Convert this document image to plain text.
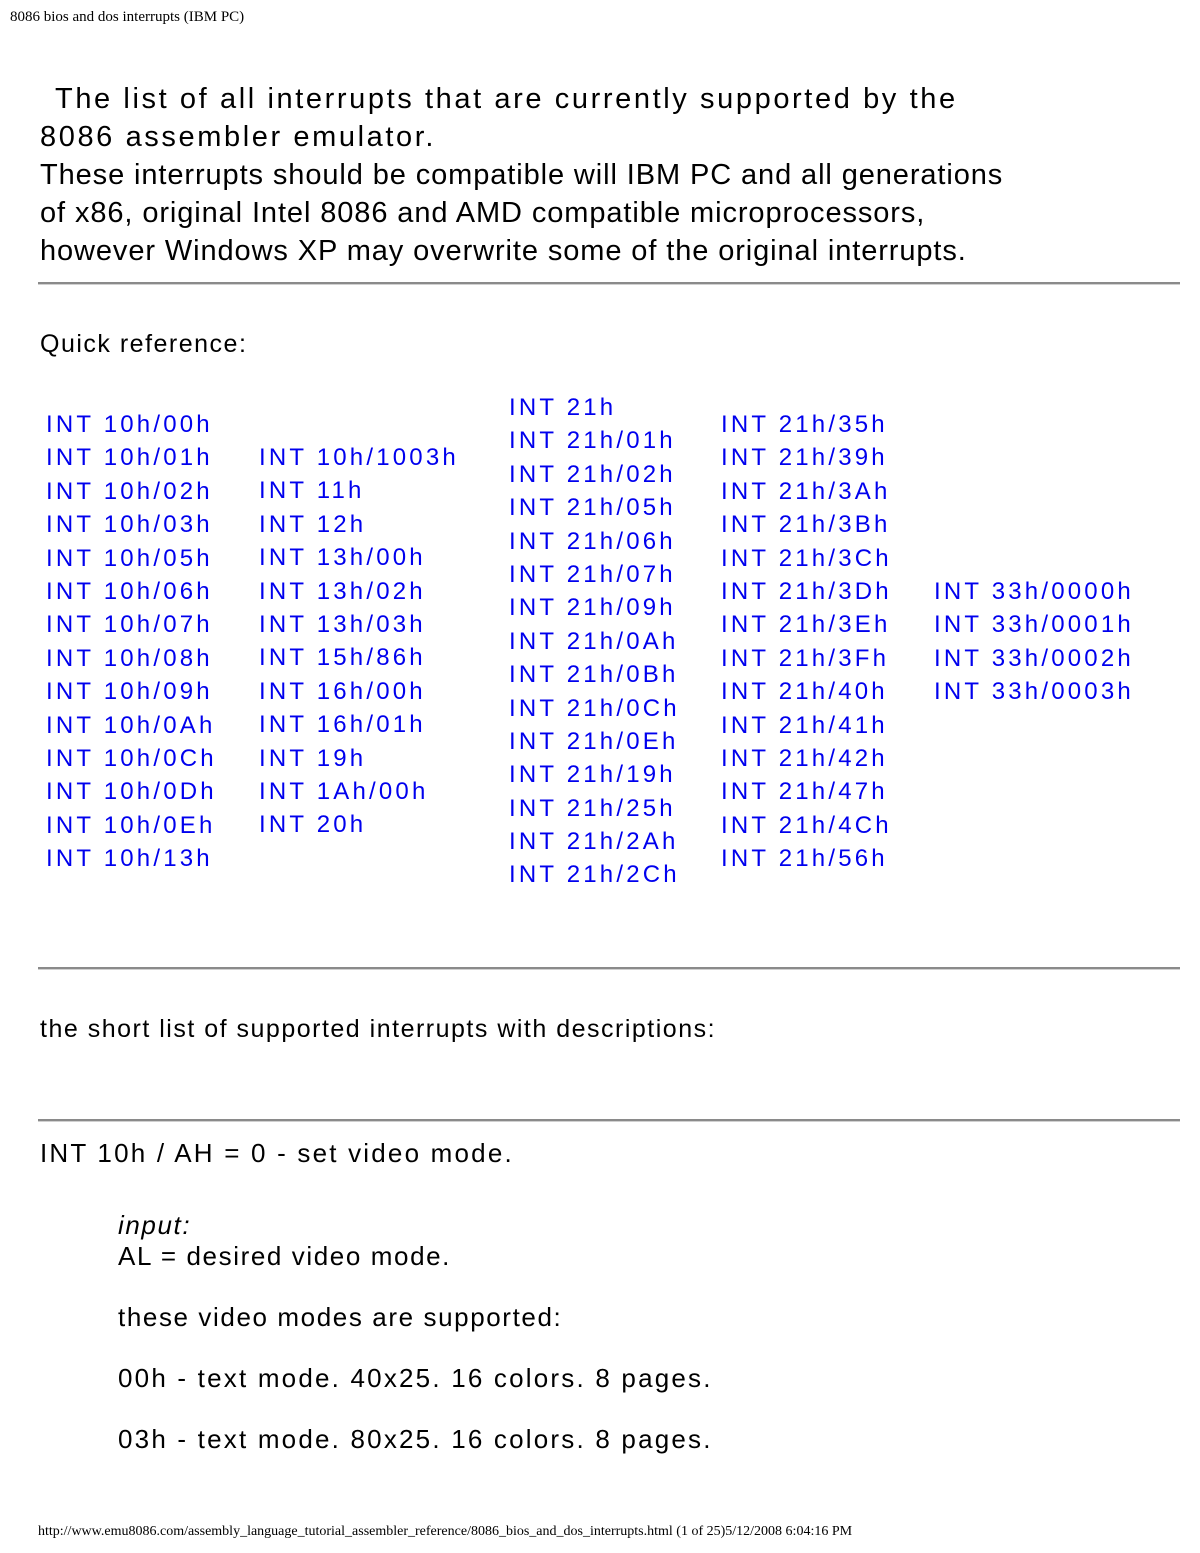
8086 bios and dos interrupts (IBM PC)
The list of all interrupts that are currently supported by the
8086 assembler emulator.
These interrupts should be compatible will IBM PC and all generations
of x86, original Intel 8086 and AMD compatible microprocessors,
however Windows XP may overwrite some of the original interrupts.
Quick reference:
INT 10h/00h
INT 10h/01h
INT 10h/02h
INT 10h/03h
INT 10h/05h
INT 10h/06h
INT 10h/07h
INT 10h/08h
INT 10h/09h
INT 10h/0Ah
INT 10h/0Ch
INT 10h/0Dh
INT 10h/0Eh
INT 10h/13h
INT 10h/1003h
INT 11h
INT 12h
INT 13h/00h
INT 13h/02h
INT 13h/03h
INT 15h/86h
INT 16h/00h
INT 16h/01h
INT 19h
INT 1Ah/00h
INT 20h
INT 21h
INT 21h/01h
INT 21h/02h
INT 21h/05h
INT 21h/06h
INT 21h/07h
INT 21h/09h
INT 21h/0Ah
INT 21h/0Bh
INT 21h/0Ch
INT 21h/0Eh
INT 21h/19h
INT 21h/25h
INT 21h/2Ah
INT 21h/2Ch
INT 21h/35h
INT 21h/39h
INT 21h/3Ah
INT 21h/3Bh
INT 21h/3Ch
INT 21h/3Dh
INT 21h/3Eh
INT 21h/3Fh
INT 21h/40h
INT 21h/41h
INT 21h/42h
INT 21h/47h
INT 21h/4Ch
INT 21h/56h
INT 33h/0000h
INT 33h/0001h
INT 33h/0002h
INT 33h/0003h
the short list of supported interrupts with descriptions:
INT 10h / AH = 0 - set video mode.
input:
AL = desired video mode.
these video modes are supported:
00h - text mode. 40x25. 16 colors. 8 pages.
03h - text mode. 80x25. 16 colors. 8 pages.
http://www.emu8086.com/assembly_language_tutorial_assembler_reference/8086_bios_and_dos_interrupts.html (1 of 25)5/12/2008 6:04:16 PM
